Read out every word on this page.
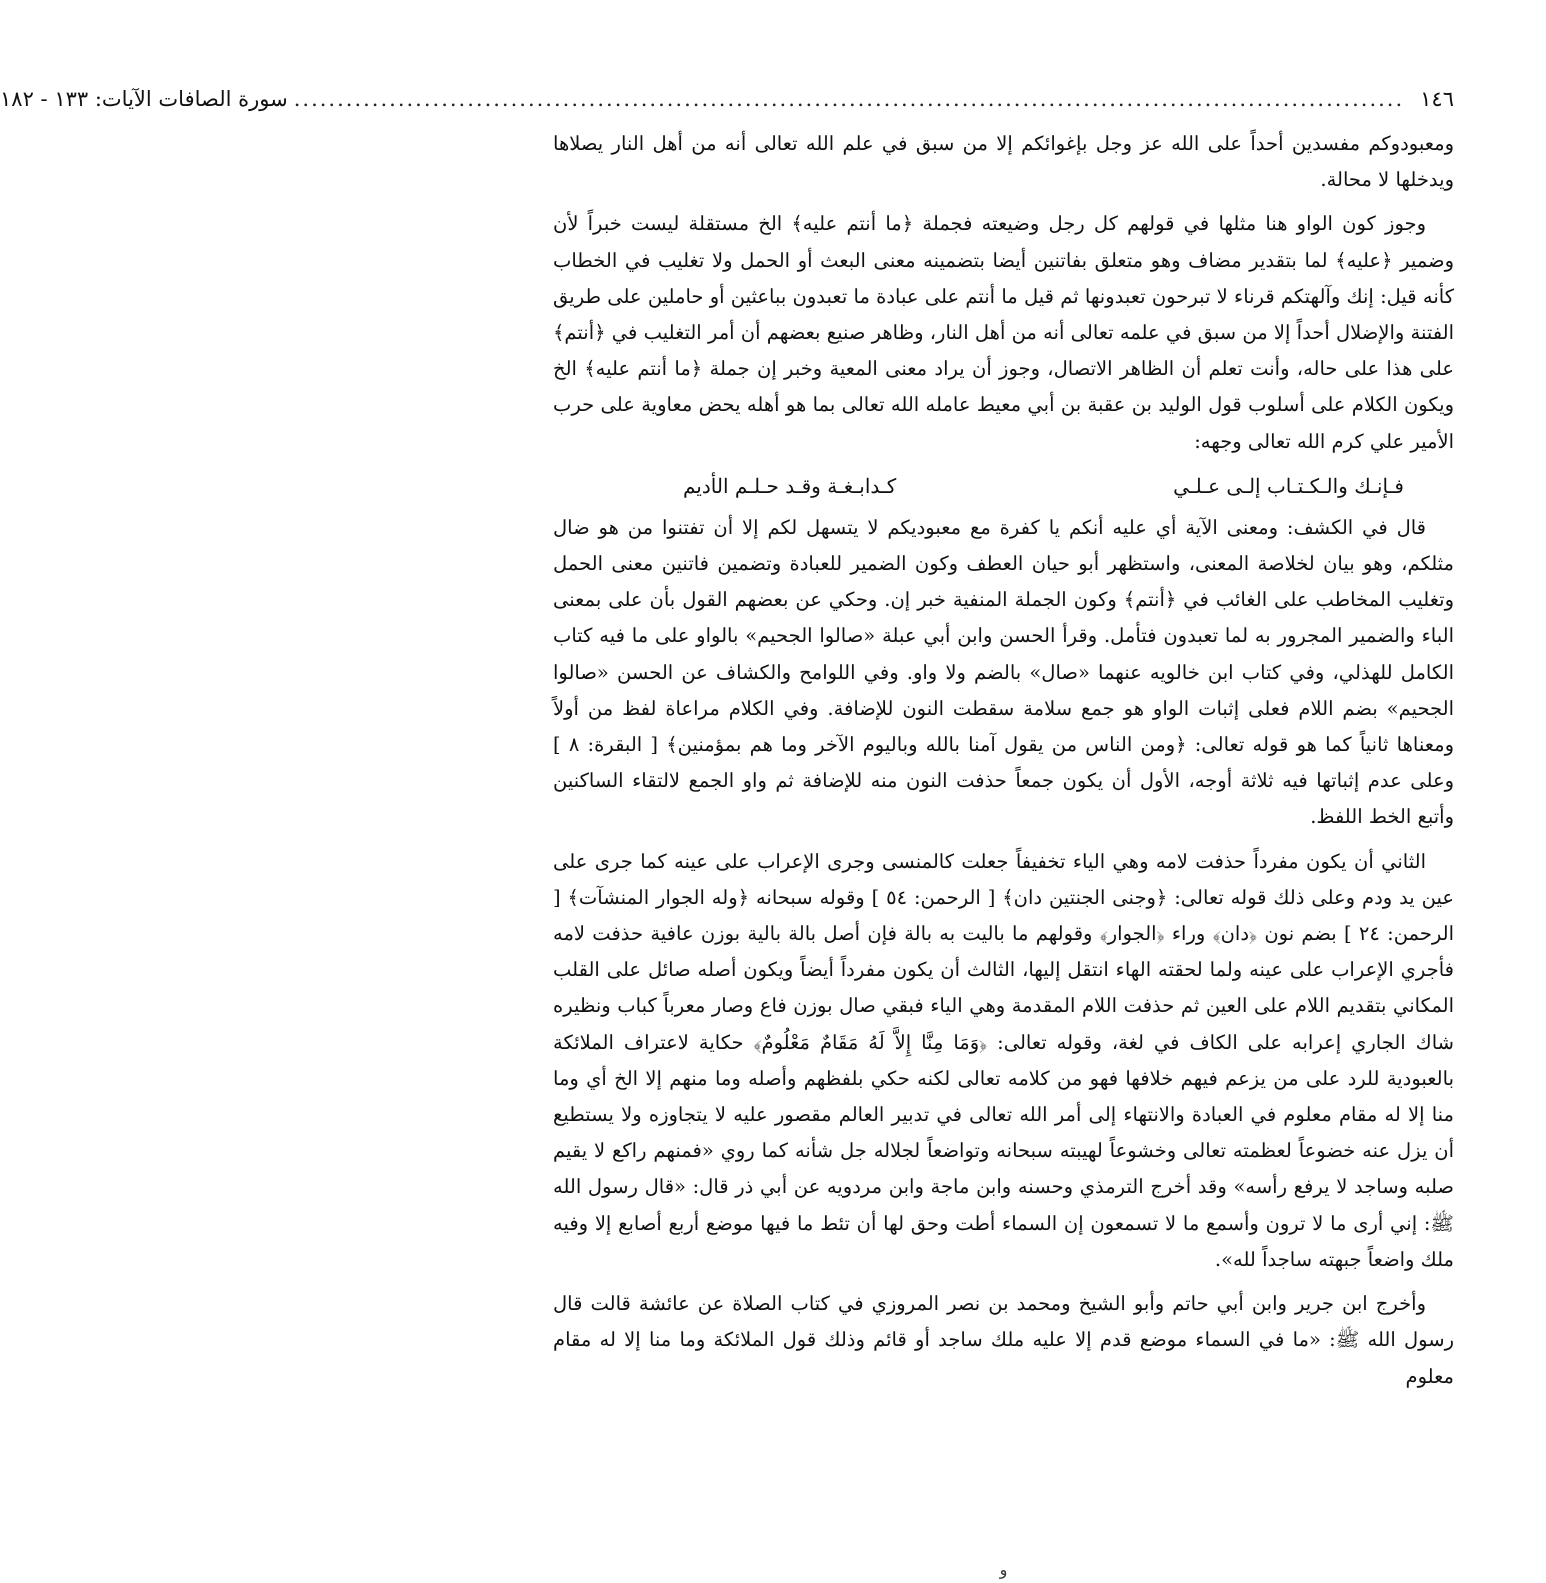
١٤٦
................................................................................................................................
سورة الصافات الآيات: ١٣٣ - ١٨٢

ومعبودوكم مفسدين أحداً على الله عز وجل بإغوائكم إلا من سبق في علم الله تعالى أنه من أهل النار يصلاها ويدخلها لا محالة.

وجوز كون الواو هنا مثلها في قولهم كل رجل وضيعته فجملة ﴿ما أنتم عليه﴾ الخ مستقلة ليست خبراً لأن وضمير ﴿عليه﴾ لما بتقدير مضاف وهو متعلق بفاتنين أيضا بتضمينه معنى البعث أو الحمل ولا تغليب في الخطاب كأنه قيل: إنك وآلهتكم قرناء لا تبرحون تعبدونها ثم قيل ما أنتم على عبادة ما تعبدون بباعثين أو حاملين على طريق الفتنة والإضلال أحداً إلا من سبق في علمه تعالى أنه من أهل النار، وظاهر صنيع بعضهم أن أمر التغليب في ﴿أنتم﴾ على هذا على حاله، وأنت تعلم أن الظاهر الاتصال، وجوز أن يراد معنى المعية وخبر إن جملة ﴿ما أنتم عليه﴾ الخ ويكون الكلام على أسلوب قول الوليد بن عقبة بن أبي معيط عامله الله تعالى بما هو أهله يحض معاوية على حرب الأمير علي كرم الله تعالى وجهه:

فـإنـك والـكـتـاب إلـى عـلـي
كـدابـغـة وقـد حـلـم الأديم

قال في الكشف: ومعنى الآية أي عليه أنكم يا كفرة مع معبوديكم لا يتسهل لكم إلا أن تفتنوا من هو ضال مثلكم، وهو بيان لخلاصة المعنى، واستظهر أبو حيان العطف وكون الضمير للعبادة وتضمين فاتنين معنى الحمل وتغليب المخاطب على الغائب في ﴿أنتم﴾ وكون الجملة المنفية خبر إن. وحكي عن بعضهم القول بأن على بمعنى الباء والضمير المجرور به لما تعبدون فتأمل. وقرأ الحسن وابن أبي عبلة «صالوا الجحيم» بالواو على ما فيه كتاب الكامل للهذلي، وفي كتاب ابن خالويه عنهما «صال» بالضم ولا واو. وفي اللوامح والكشاف عن الحسن «صالوا الجحيم» بضم اللام فعلى إثبات الواو هو جمع سلامة سقطت النون للإضافة. وفي الكلام مراعاة لفظ من أولاً ومعناها ثانياً كما هو قوله تعالى: ﴿ومن الناس من يقول آمنا بالله وباليوم الآخر وما هم بمؤمنين﴾ [ البقرة: ٨ ] وعلى عدم إثباتها فيه ثلاثة أوجه، الأول أن يكون جمعاً حذفت النون منه للإضافة ثم واو الجمع لالتقاء الساكنين وأتبع الخط اللفظ.

الثاني أن يكون مفرداً حذفت لامه وهي الياء تخفيفاً جعلت كالمنسى وجرى الإعراب على عينه كما جرى على عين يد ودم وعلى ذلك قوله تعالى: ﴿وجنى الجنتين دان﴾ [ الرحمن: ٥٤ ] وقوله سبحانه ﴿وله الجوار المنشآت﴾ [ الرحمن: ٢٤ ] بضم نون ﴿دان﴾ وراء ﴿الجوار﴾ وقولهم ما باليت به بالة فإن أصل بالة بالية بوزن عافية حذفت لامه فأجري الإعراب على عينه ولما لحقته الهاء انتقل إليها، الثالث أن يكون مفرداً أيضاً ويكون أصله صائل على القلب المكاني بتقديم اللام على العين ثم حذفت اللام المقدمة وهي الياء فبقي صال بوزن فاع وصار معرباً كباب ونظيره شاك الجاري إعرابه على الكاف في لغة، وقوله تعالى: ﴿وَمَا مِنَّا إِلاَّ لَهُ مَقَامٌ مَعْلُومٌ﴾ حكاية لاعتراف الملائكة بالعبودية للرد على من يزعم فيهم خلافها فهو من كلامه تعالى لكنه حكي بلفظهم وأصله وما منهم إلا الخ أي وما منا إلا له مقام معلوم في العبادة والانتهاء إلى أمر الله تعالى في تدبير العالم مقصور عليه لا يتجاوزه ولا يستطيع أن يزل عنه خضوعاً لعظمته تعالى وخشوعاً لهيبته سبحانه وتواضعاً لجلاله جل شأنه كما روي «فمنهم راكع لا يقيم صلبه وساجد لا يرفع رأسه» وقد أخرج الترمذي وحسنه وابن ماجة وابن مردويه عن أبي ذر قال: «قال رسول الله ﷺ: إني أرى ما لا ترون وأسمع ما لا تسمعون إن السماء أطت وحق لها أن تئط ما فيها موضع أربع أصابع إلا وفيه ملك واضعاً جبهته ساجداً لله».

وأخرج ابن جرير وابن أبي حاتم وأبو الشيخ ومحمد بن نصر المروزي في كتاب الصلاة عن عائشة قالت قال رسول الله ﷺ: «ما في السماء موضع قدم إلا عليه ملك ساجد أو قائم وذلك قول الملائكة وما منا إلا له مقام معلوم

ﻭ
